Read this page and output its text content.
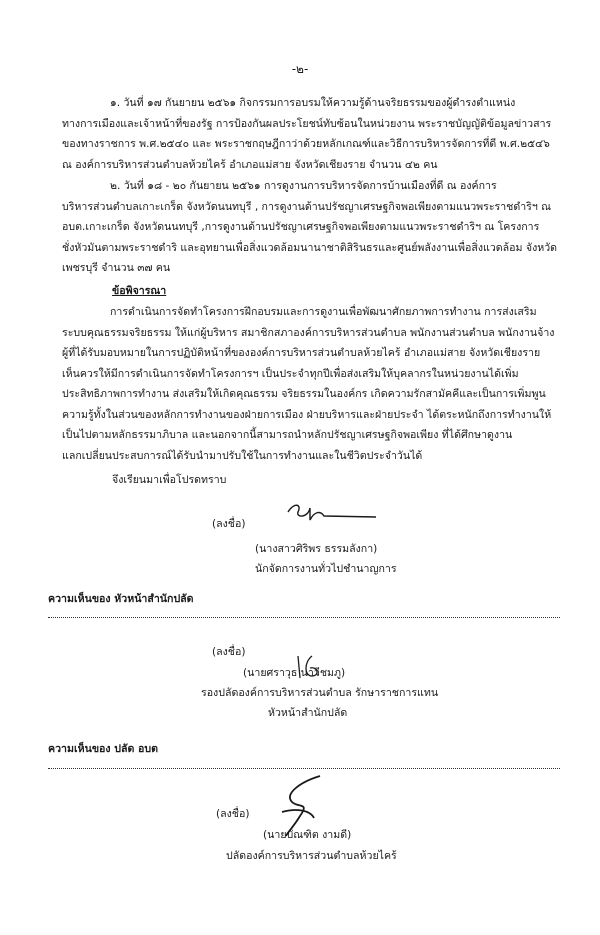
-๒-

๑. วันที่ ๑๗ กันยายน ๒๕๖๑ กิจกรรมการอบรมให้ความรู้ด้านจริยธรรมของผู้ดำรงตำแหน่ง
ทางการเมืองและเจ้าหน้าที่ของรัฐ การป้องกันผลประโยชน์ทับซ้อนในหน่วยงาน พระราชบัญญัติข้อมูลข่าวสาร
ของทางราชการ พ.ศ.๒๕๔๐ และ พระราชกฤษฎีกาว่าด้วยหลักเกณฑ์และวิธีการบริหารจัดการที่ดี พ.ศ.๒๕๔๖
ณ องค์การบริหารส่วนตำบลห้วยไคร้ อำเภอแม่สาย จังหวัดเชียงราย จำนวน ๔๒ คน

๒. วันที่ ๑๘ - ๒๐ กันยายน ๒๕๖๑ การดูงานการบริหารจัดการบ้านเมืองที่ดี ณ องค์การ
บริหารส่วนตำบลเกาะเกร็ด จังหวัดนนทบุรี , การดูงานด้านปรัชญาเศรษฐกิจพอเพียงตามแนวพระราชดำริฯ ณ
อบต.เกาะเกร็ด จังหวัดนนทบุรี ,การดูงานด้านปรัชญาเศรษฐกิจพอเพียงตามแนวพระราชดำริฯ ณ โครงการ
ชั่งหัวมันตามพระราชดำริ และอุทยานเพื่อสิ่งแวดล้อมนานาชาติสิรินธรและศูนย์พลังงานเพื่อสิ่งแวดล้อม จังหวัด
เพชรบุรี จำนวน ๓๗ คน

ข้อพิจารณา

การดำเนินการจัดทำโครงการฝึกอบรมและการดูงานเพื่อพัฒนาศักยภาพการทำงาน การส่งเสริม
ระบบคุณธรรมจริยธรรม ให้แก่ผู้บริหาร สมาชิกสภาองค์การบริหารส่วนตำบล พนักงานส่วนตำบล พนักงานจ้าง
ผู้ที่ได้รับมอบหมายในการปฏิบัติหน้าที่ขององค์การบริหารส่วนตำบลห้วยไคร้ อำเภอแม่สาย จังหวัดเชียงราย
เห็นควรให้มีการดำเนินการจัดทำโครงการฯ เป็นประจำทุกปีเพื่อส่งเสริมให้บุคลากรในหน่วยงานได้เพิ่ม
ประสิทธิภาพการทำงาน ส่งเสริมให้เกิดคุณธรรม จริยธรรมในองค์กร เกิดความรักสามัคคีและเป็นการเพิ่มพูน
ความรู้ทั้งในส่วนของหลักการทำงานของฝ่ายการเมือง ฝ่ายบริหารและฝ่ายประจำ ได้ตระหนักถึงการทำงานให้
เป็นไปตามหลักธรรมาภิบาล และนอกจากนี้สามารถนำหลักปรัชญาเศรษฐกิจพอเพียง ที่ได้ศึกษาดูงาน
แลกเปลี่ยนประสบการณ์ได้รับนำมาปรับใช้ในการทำงานและในชีวิตประจำวันได้

จึงเรียนมาเพื่อโปรดทราบ
(ลงชื่อ)
(นางสาวศิริพร ธรรมลังกา)
นักจัดการงานทั่วไปชำนาญการ
ความเห็นของ หัวหน้าสำนักปลัด
(ลงชื่อ)
(นายศราวุธ นาวีชมภู)
รองปลัดองค์การบริหารส่วนตำบล รักษาราชการแทน
หัวหน้าสำนักปลัด
ความเห็นของ ปลัด อบต
(ลงชื่อ)
(นายบัณฑิต งามดี)
ปลัดองค์การบริหารส่วนตำบลห้วยไคร้
